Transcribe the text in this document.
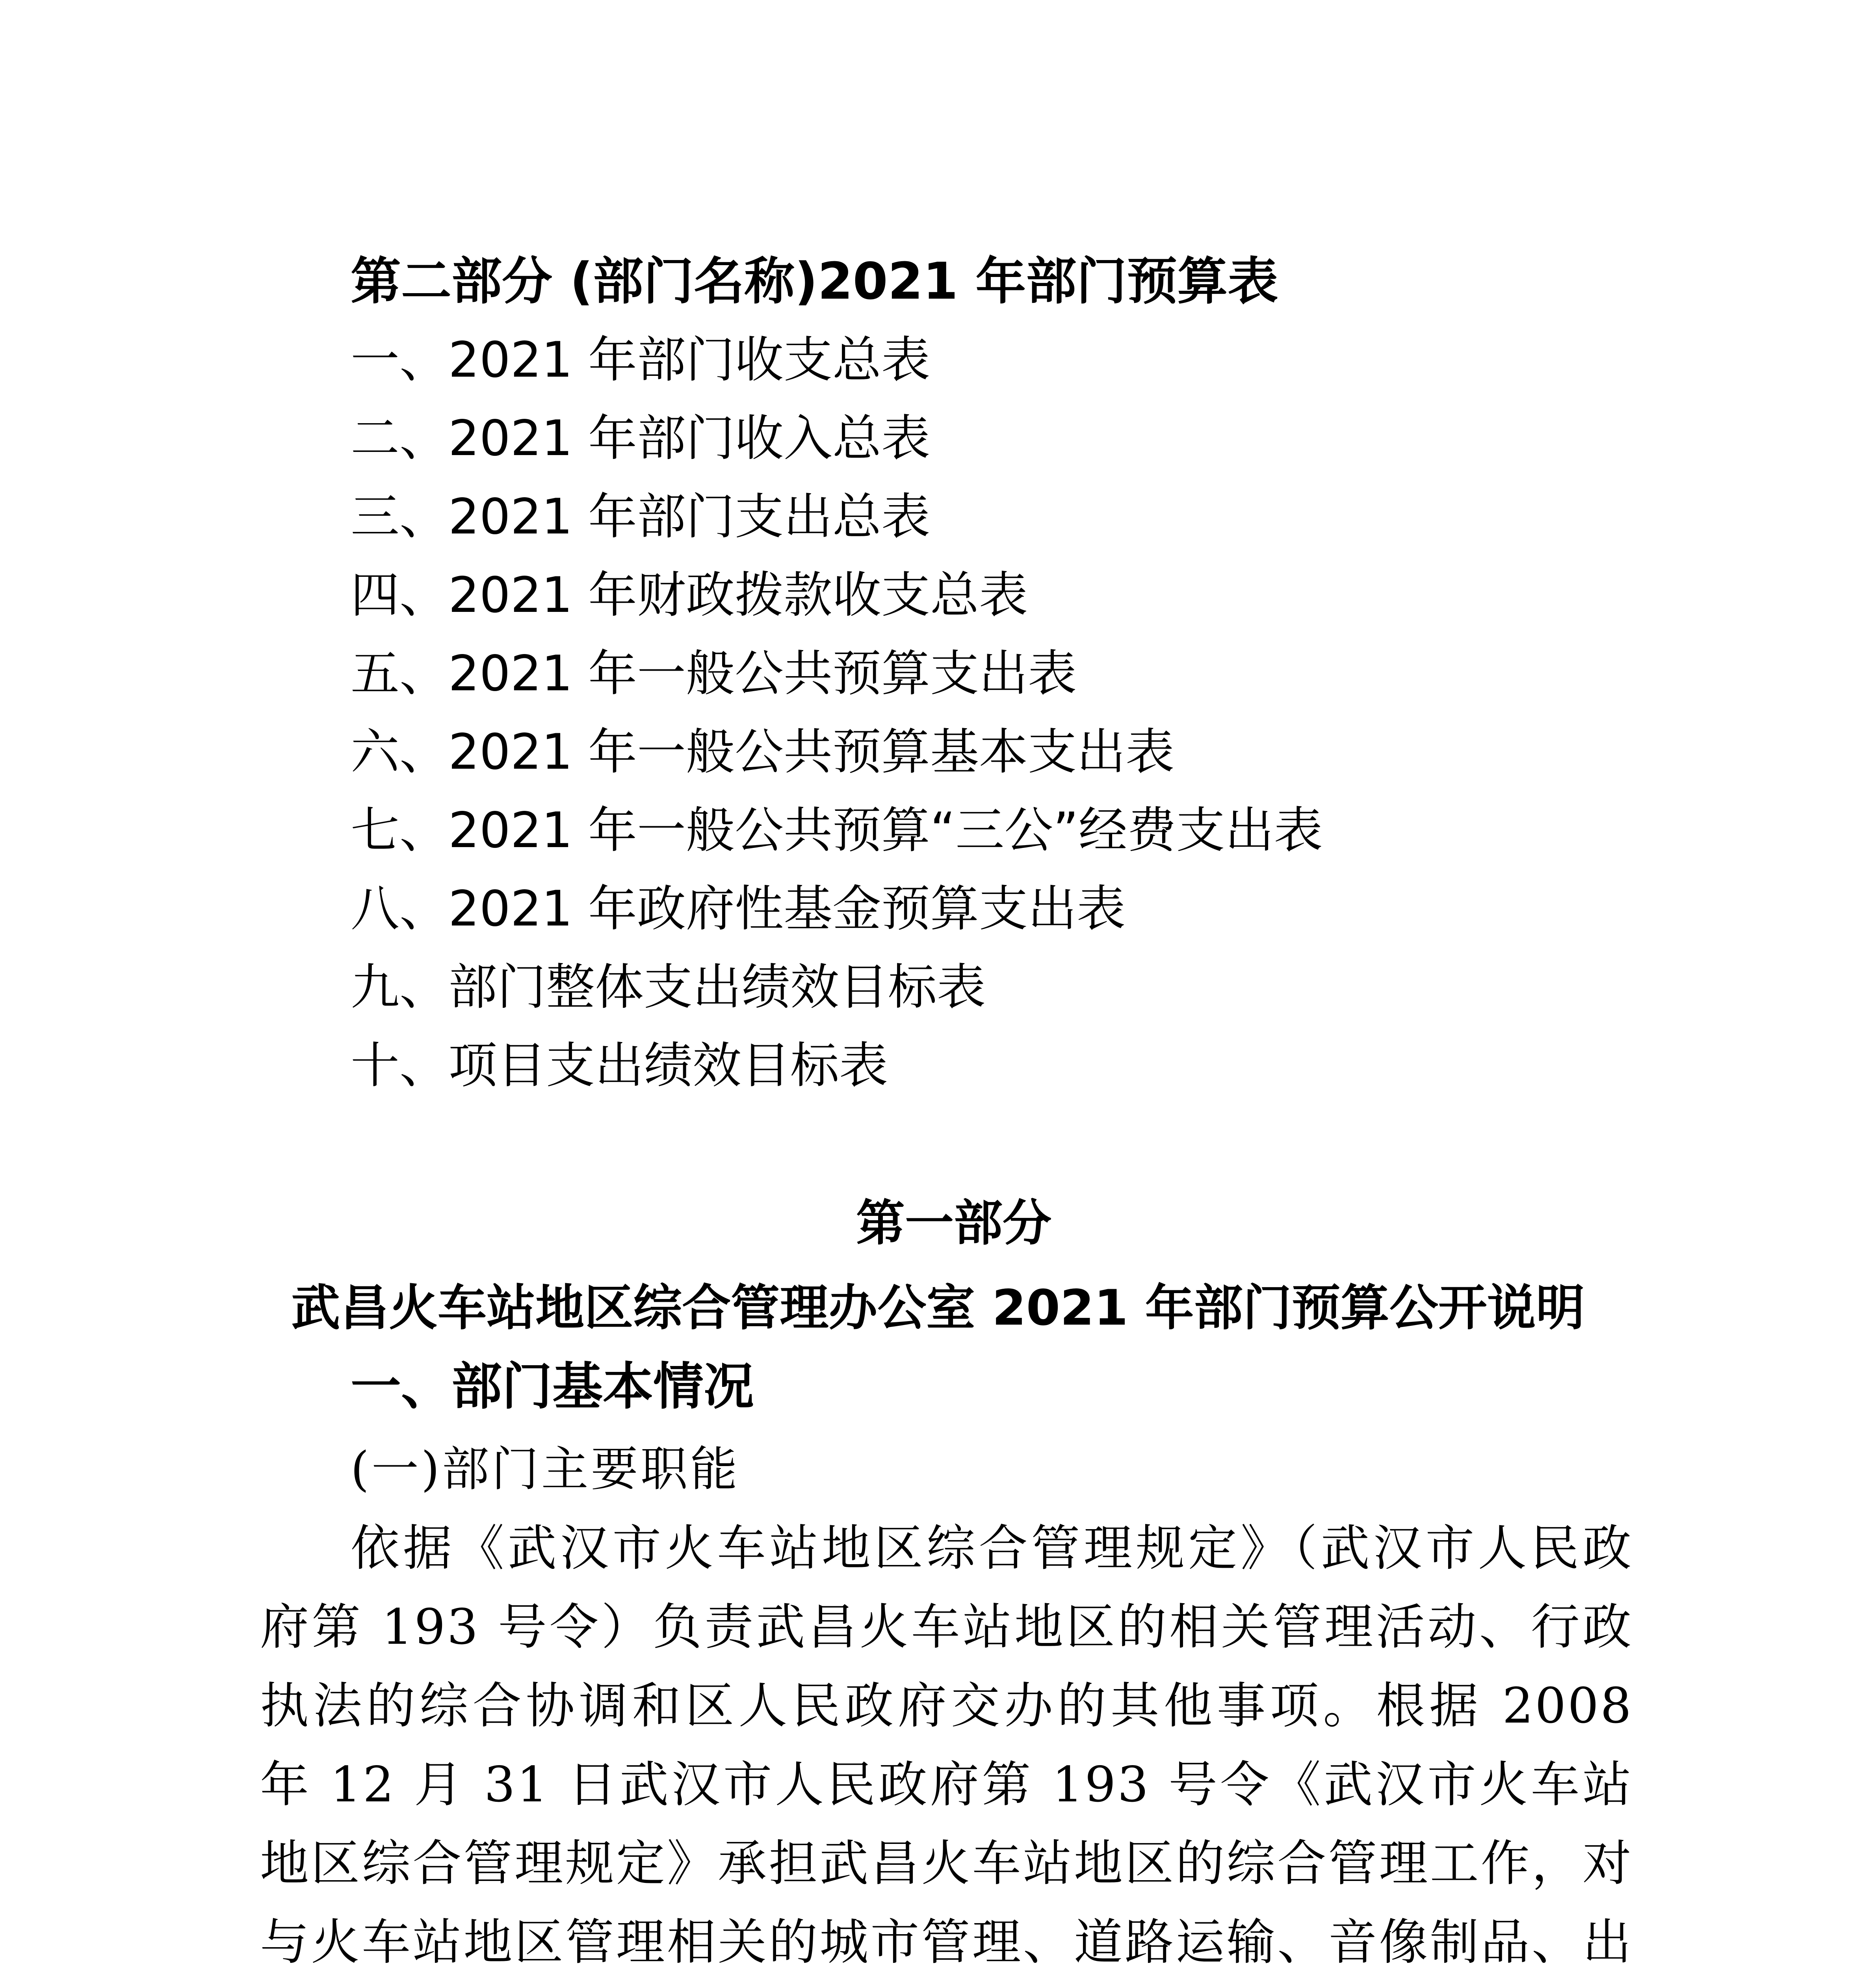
第二部分 (部门名称)2021 年部门预算表
一、2021 年部门收支总表
二、2021 年部门收入总表
三、2021 年部门支出总表
四、2021 年财政拨款收支总表
五、2021 年一般公共预算支出表
六、2021 年一般公共预算基本支出表
七、2021 年一般公共预算“三公”经费支出表
八、2021 年政府性基金预算支出表
九、部门整体支出绩效目标表
十、项目支出绩效目标表
第一部分
武昌火车站地区综合管理办公室 2021 年部门预算公开说明
一、部门基本情况
(一)部门主要职能

依据《武汉市火车站地区综合管理规定》（武汉市人民政府第 193 号令）负责武昌火车站地区的相关管理活动、行政执法的综合协调和区人民政府交办的其他事项。根据 2008 年 12 月 31 日武汉市人民政府第 193 号令《武汉市火车站地区综合管理规定》承担武昌火车站地区的综合管理工作，对与火车站地区管理相关的城市管理、道路运输、音像制品、出
